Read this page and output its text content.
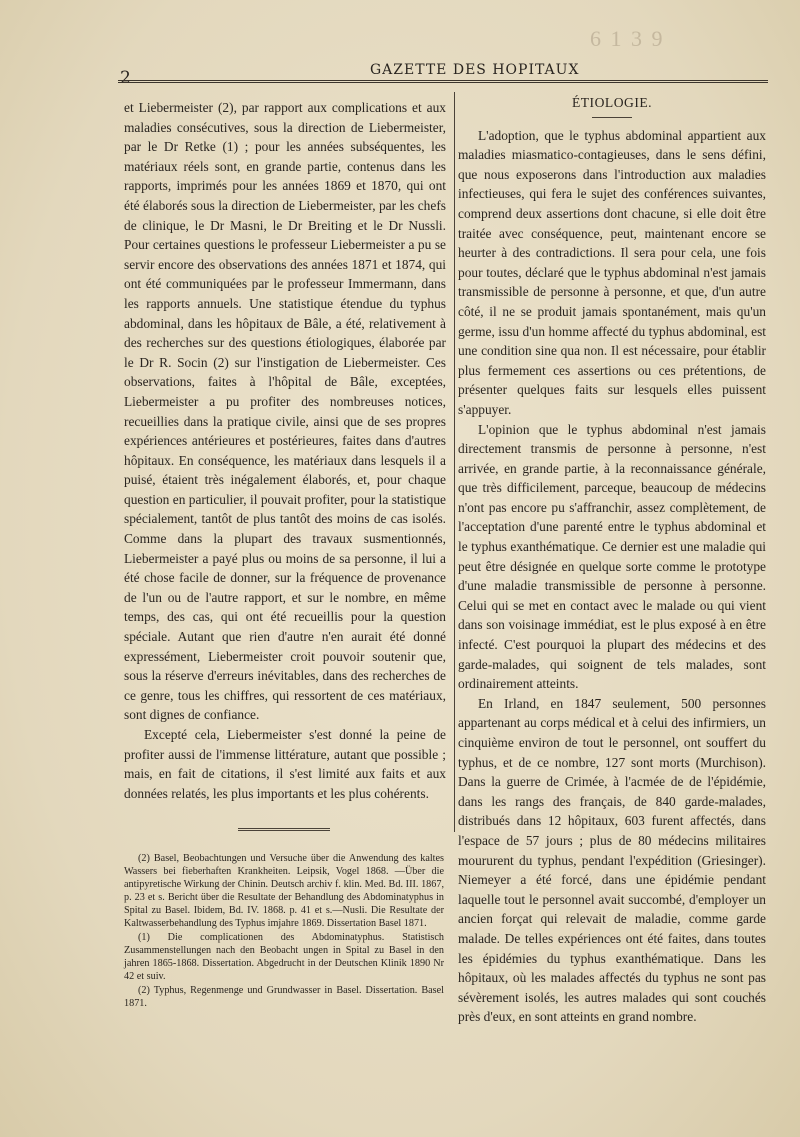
6 1 3 9
2	GAZETTE DES HOPITAUX

et Liebermeister (2), par rapport aux complications et aux maladies consécutives, sous la direction de Liebermeister, par le Dr Retke (1) ; pour les années subséquentes, les matériaux réels sont, en grande partie, contenus dans les rapports, imprimés pour les années 1869 et 1870, qui ont été élaborés sous la direction de Liebermeister, par les chefs de clinique, le Dr Masni, le Dr Breiting et le Dr Nussli. Pour certaines questions le professeur Liebermeister a pu se servir encore des observations des années 1871 et 1874, qui ont été communiquées par le professeur Immermann, dans les rapports annuels. Une statistique étendue du typhus abdominal, dans les hôpitaux de Bâle, a été, relativement à des recherches sur des questions étiologiques, élaborée par le Dr R. Socin (2) sur l'instigation de Liebermeister. Ces observations, faites à l'hôpital de Bâle, exceptées, Liebermeister a pu profiter des nombreuses notices, recueillies dans la pratique civile, ainsi que de ses propres expériences antérieures et postérieures, faites dans d'autres hôpitaux. En conséquence, les matériaux dans lesquels il a puisé, étaient très inégalement élaborés, et, pour chaque question en particulier, il pouvait profiter, pour la statistique spécialement, tantôt de plus tantôt des moins de cas isolés. Comme dans la plupart des travaux susmentionnés, Liebermeister a payé plus ou moins de sa personne, il lui a été chose facile de donner, sur la fréquence de provenance de l'un ou de l'autre rapport, et sur le nombre, en même temps, des cas, qui ont été recueillis pour la question spéciale. Autant que rien d'autre n'en aurait été donné expressément, Liebermeister croit pouvoir soutenir que, sous la réserve d'erreurs inévitables, dans des recherches de ce genre, tous les chiffres, qui ressortent de ces matériaux, sont dignes de confiance.

Excepté cela, Liebermeister s'est donné la peine de profiter aussi de l'immense littérature, autant que possible ; mais, en fait de citations, il s'est limité aux faits et aux données relatés, les plus importants et les plus cohérents.

(2) Basel, Beobachtungen und Versuche über die Anwendung des kaltes Wassers bei fieberhaften Krankheiten. Leipsik, Vogel 1868. —Über die antipyretische Wirkung der Chinin. Deutsch archiv f. klin. Med. Bd. III. 1867, p. 23 et s. Bericht über die Resultate der Behandlung des Abdominatyphus in Spital zu Basel. Ibidem, Bd. IV. 1868. p. 41 et s.—Nusli. Die Resultate der Kaltwasserbehandlung des Typhus imjahre 1869. Dissertation Basel 1871.

(1) Die complicationen des Abdominatyphus. Statistisch Zusammenstellungen nach den Beobacht ungen in Spital zu Basel in den jahren 1865-1868. Dissertation. Abgedrucht in der Deutschen Klinik 1890 Nr 42 et suiv.

(2) Typhus, Regenmenge und Grundwasser in Basel. Dissertation. Basel 1871.

ÉTIOLOGIE.

L'adoption, que le typhus abdominal appartient aux maladies miasmatico-contagieuses, dans le sens défini, que nous exposerons dans l'introduction aux maladies infectieuses, qui fera le sujet des conférences suivantes, comprend deux assertions dont chacune, si elle doit être traitée avec conséquence, peut, maintenant encore se heurter à des contradictions. Il sera pour cela, une fois pour toutes, déclaré que le typhus abdominal n'est jamais transmissible de personne à personne, et que, d'un autre côté, il ne se produit jamais spontanément, mais qu'un germe, issu d'un homme affecté du typhus abdominal, est une condition sine qua non. Il est nécessaire, pour établir plus fermement ces assertions ou ces prétentions, de présenter quelques faits sur lesquels elles puissent s'appuyer.

L'opinion que le typhus abdominal n'est jamais directement transmis de personne à personne, n'est arrivée, en grande partie, à la reconnaissance générale, que très difficilement, parceque, beaucoup de médecins n'ont pas encore pu s'affranchir, assez complètement, de l'acceptation d'une parenté entre le typhus abdominal et le typhus exanthématique. Ce dernier est une maladie qui peut être désignée en quelque sorte comme le prototype d'une maladie transmissible de personne à personne. Celui qui se met en contact avec le malade ou qui vient dans son voisinage immédiat, est le plus exposé à en être infecté. C'est pourquoi la plupart des médecins et des garde-malades, qui soignent de tels malades, sont ordinairement atteints.

En Irland, en 1847 seulement, 500 personnes appartenant au corps médical et à celui des infirmiers, un cinquième environ de tout le personnel, ont souffert du typhus, et de ce nombre, 127 sont morts (Murchison). Dans la guerre de Crimée, à l'acmée de de l'épidémie, dans les rangs des français, de 840 garde-malades, distribués dans 12 hôpitaux, 603 furent affectés, dans l'espace de 57 jours ; plus de 80 médecins militaires moururent du typhus, pendant l'expédition (Griesinger). Niemeyer a été forcé, dans une épidémie pendant laquelle tout le personnel avait succombé, d'employer un ancien forçat qui relevait de maladie, comme garde malade. De telles expériences ont été faites, dans toutes les épidémies du typhus exanthématique. Dans les hôpitaux, où les malades affectés du typhus ne sont pas sévèrement isolés, les autres malades qui sont couchés près d'eux, en sont atteints en grand nombre.
